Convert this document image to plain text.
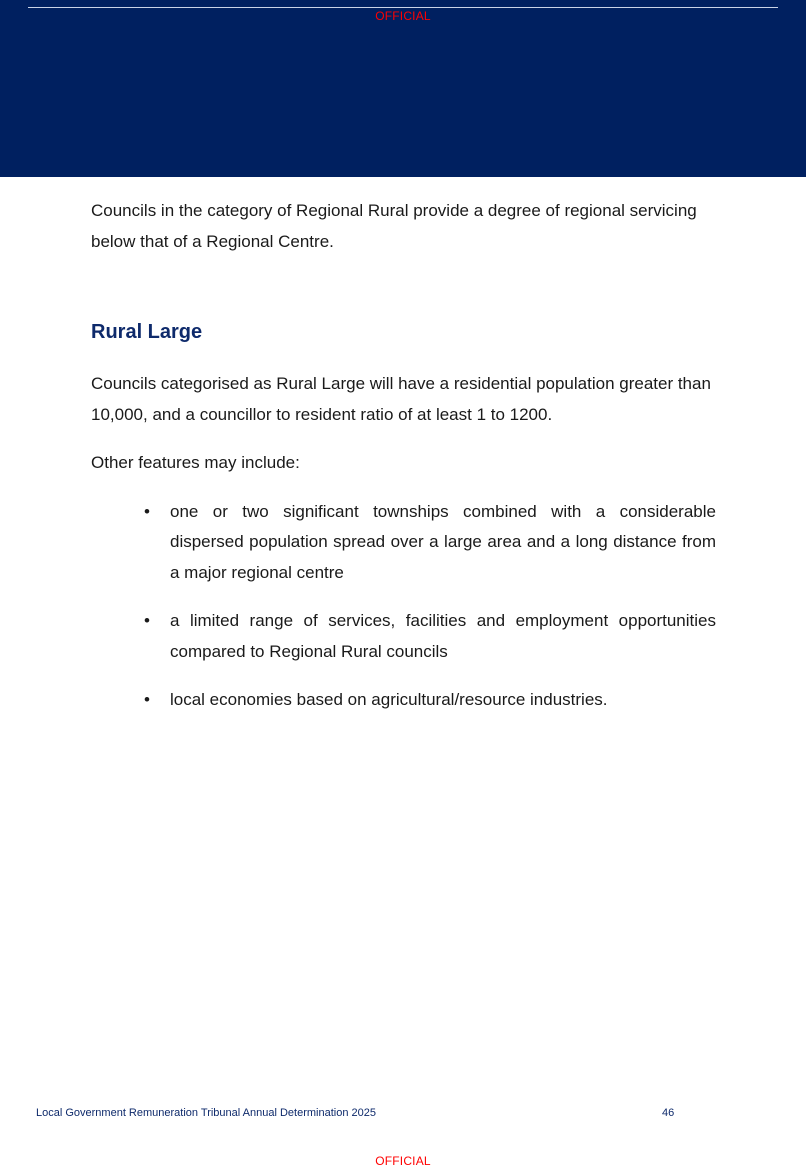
OFFICIAL

Councils in the category of Regional Rural provide a degree of regional servicing below that of a Regional Centre.

Rural Large

Councils categorised as Rural Large will have a residential population greater than 10,000, and a councillor to resident ratio of at least 1 to 1200.

Other features may include:

• one or two significant townships combined with a considerable dispersed population spread over a large area and a long distance from a major regional centre
• a limited range of services, facilities and employment opportunities compared to Regional Rural councils
• local economies based on agricultural/resource industries.
Local Government Remuneration Tribunal Annual Determination 2025	46
OFFICIAL
